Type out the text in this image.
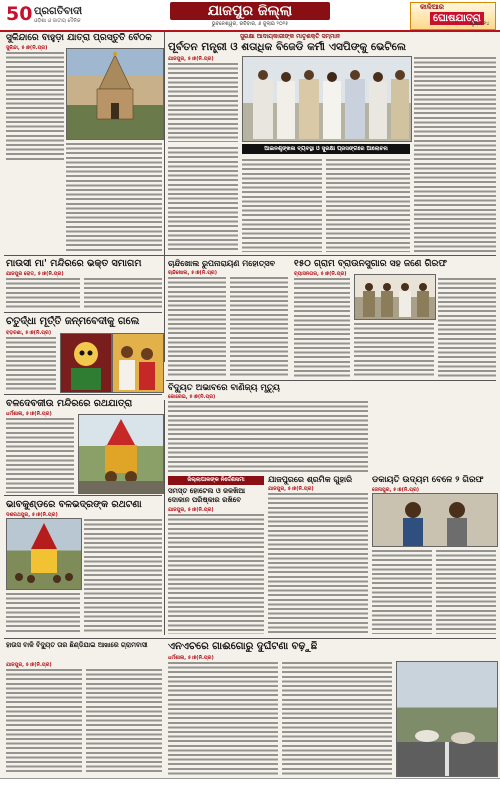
50 ପ୍ରଗତିବାଦୀ
ଓଡ଼ିଶା ଓ ଜାତୀୟ ଦୈନିକ
ଯାଜପୁର ଜିଲ୍ଲା
ଭୁବନେଶ୍ୱର, ରବିବାର, ୬ ଜୁଲାଇ ୨୦୨୫
କାଳିଆର
ଘୋଷଯାତ୍ରା
ପୃଷ୍ଠା ୧୪
ସୁକିନ୍ଦାରେ ବାହୁଡ଼ା ଯାତ୍ରା ପ୍ରସ୍ତୁତି ବୈଠକ
ସୁକିନ୍ଦା, ୫।୭(ନି.ପ୍ର)
ସୁରକ୍ଷା ଆଦାୟକାରୀଙ୍କ ମାତୃଶକ୍ତି ସମ୍ମାନ
ପୂର୍ବତନ ମନ୍ତ୍ରୀ ଓ ଶତାଧିକ ବିଜେଡି କର୍ମୀ ଏସପିଙ୍କୁ ଭେଟିଲେ
ଯାଜପୁର, ୫।୭(ନି.ପ୍ର)
ଆଇନଶୃଙ୍ଖଳା ବ୍ୟବସ୍ଥା ଓ ସୁରକ୍ଷା ପ୍ରସଙ୍ଗରେ ଆଲୋଚନା
ମାଉସୀ ମା' ମନ୍ଦିରରେ ଭକ୍ତ ସମାଗମ
ଯାଜପୁର ରୋଡ, ୫।୭(ନି.ପ୍ର)
ଚତୁର୍ଦ୍ଧା ମୂର୍ତ୍ତି ଜନ୍ମବେଦୀକୁ ଗଲେ
ବଡ଼ଚଣା, ୫।୭(ନି.ପ୍ର)
ବଳଦେବଜୀଉ ମନ୍ଦିରରେ ରଥଯାତ୍ରା
ଧର୍ମଶାଳା, ୫।୭(ନି.ପ୍ର)
ଭାବକୁଣ୍ଡରେ ବଳଭଦ୍ରଙ୍କ ରଥଟଣା
ଦଶରଥପୁର, ୫।୭(ନି.ପ୍ର)
ଚାନ୍ଦିଖୋଲ ରୁପନାରାୟଣ ମହୋତ୍ସବ
ଚାନ୍ଦିଖୋଲ, ୫।୭(ନି.ପ୍ର)
୧୫୦ ଗ୍ରାମ ବ୍ରାଉନସୁଗାର ସହ ଜଣେ ଗିରଫ
ବ୍ୟାସନଗର, ୫।୭(ନି.ପ୍ର)
ବିଦ୍ୟୁତ ଅଭାବରେ ବାଣିଜ୍ୟ ମୃତ୍ୟୁ
କୋରେଇ, ୫।୭(ନି.ପ୍ର)
ଯାଜପୁରରେ ଶ୍ରମିକ ଗୁହାରି
ଯାଜପୁର, ୫।୭(ନି.ପ୍ର)
ଡକାୟତି ଉଦ୍ୟମ ବେଳେ ୨ ଗିରଫ
ଜେନାପୁର, ୫।୭(ନି.ପ୍ର)
ଜିଲ୍ଲାପାଳଙ୍କ ନିର୍ଦ୍ଦେଶନାମା
ସମସ୍ତ ହୋଟେଲ ଓ ଜଳଖିଆ ଦୋକାନ ପରିଷ୍କାର ରଖିବେ
ଯାଜପୁର, ୫।୭(ନି.ପ୍ର)
ଏନଏଚରେ ଗାଈଗୋରୁ ଦୁର୍ଘଟଣା ବଢ଼ୁଛି
ଧର୍ମଶାଳା, ୫।୭(ନି.ପ୍ର)
ହାଉସ ବାଳି ବିଦ୍ୟୁତ ତାର ଛିଣ୍ଡିଯାଇ ଆଖାରେ ଗ୍ରାମବାସୀ
ଯାଜପୁର, ୫।୭(ନି.ପ୍ର)
